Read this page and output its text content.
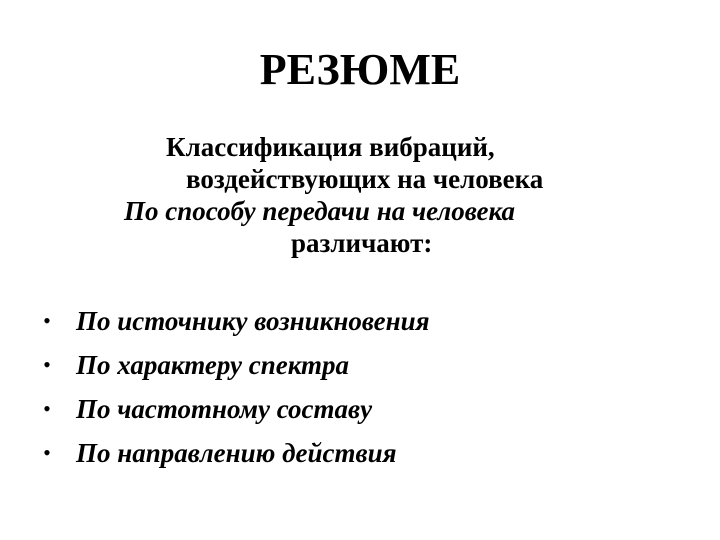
РЕЗЮМЕ
Классификация вибраций,
воздействующих на человека
По способу передачи на человека
различают:
• По источнику возникновения
• По характеру спектра
• По частотному составу
• По направлению действия
